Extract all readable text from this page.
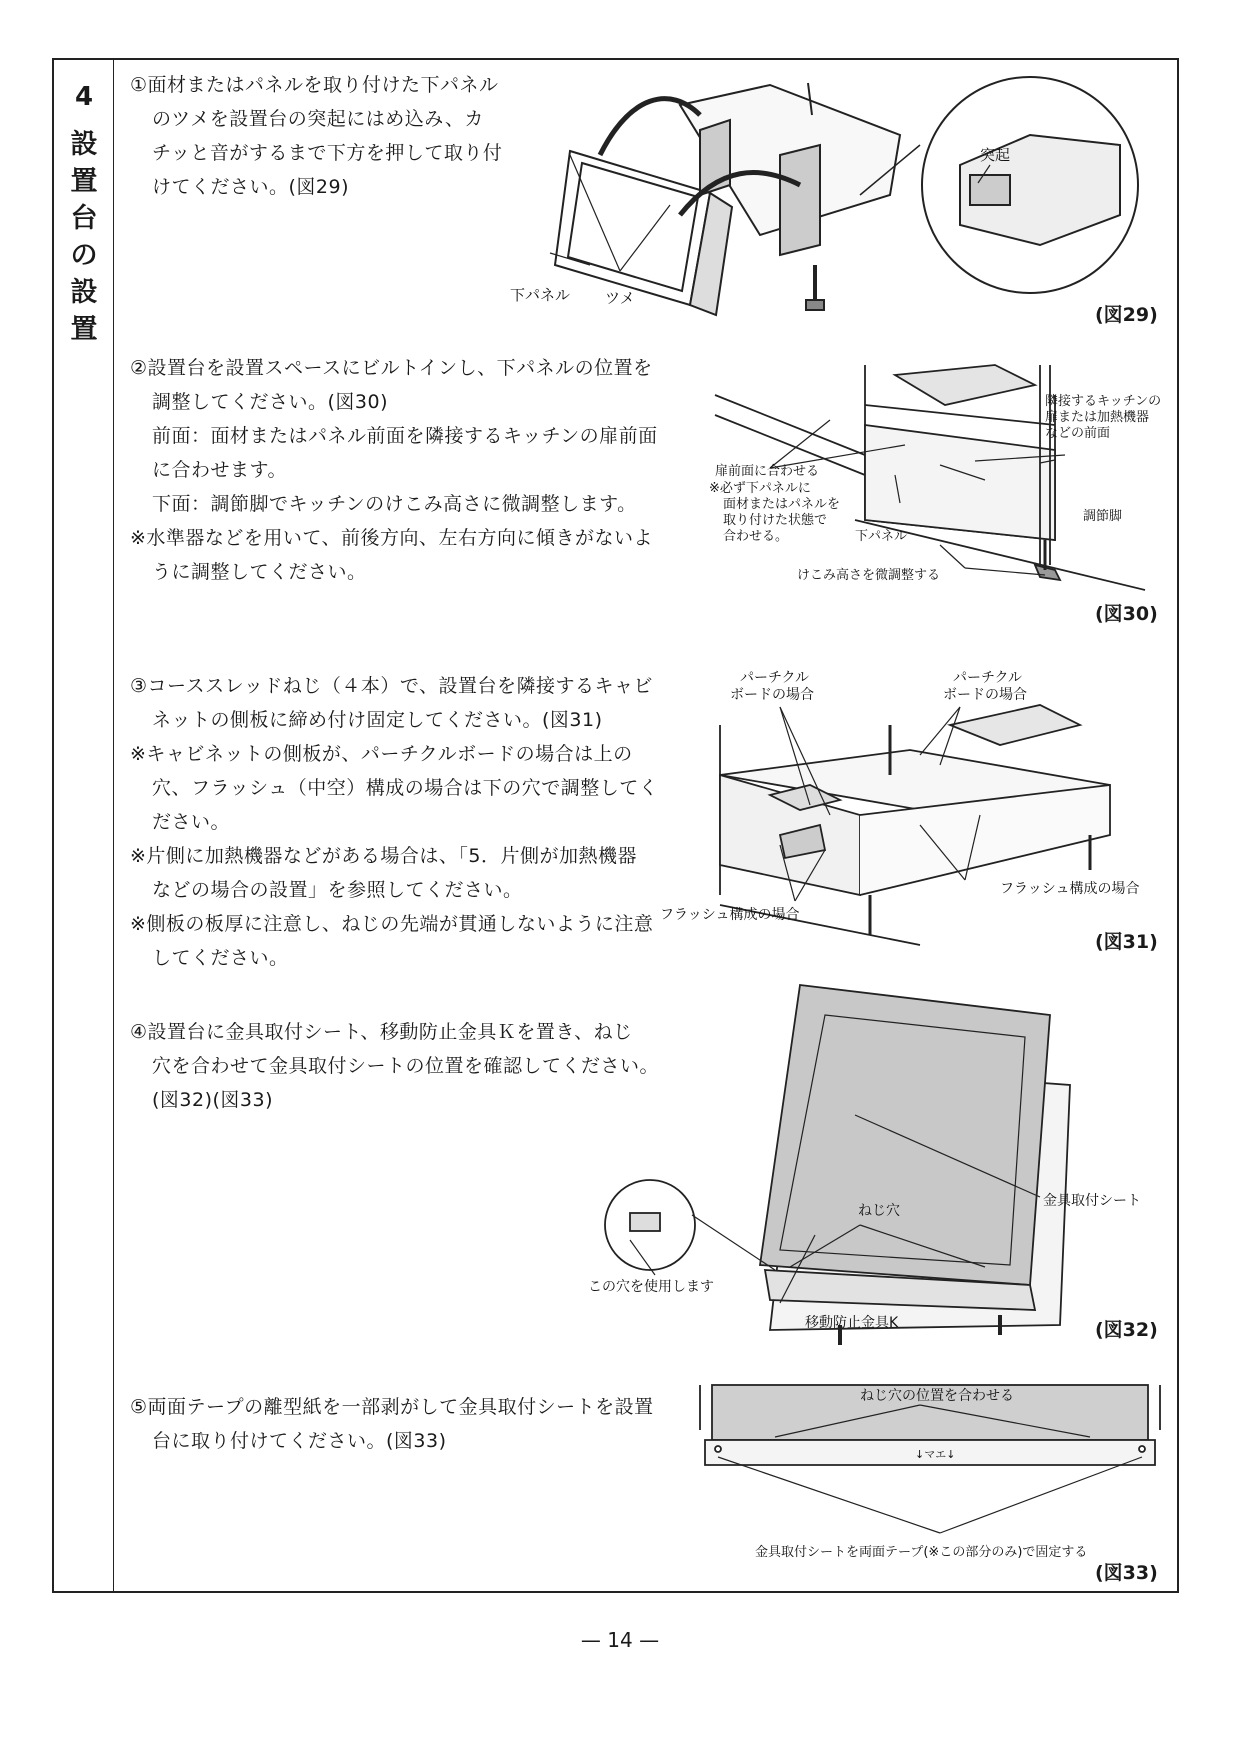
4
設
置
台
の
設
置

①面材またはパネルを取り付けた下パネル

のツメを設置台の突起にはめ込み、カ

チッと音がするまで下方を押して取り付

けてください。(図29)

突起
下パネル ツメ
(図29)

②設置台を設置スペースにビルトインし、下パネルの位置を

調整してください。(図30)

前面：面材またはパネル前面を隣接するキッチンの扉前面

に合わせます。

下面：調節脚でキッチンのけこみ高さに微調整します。

※水準器などを用いて、前後方向、左右方向に傾きがないよ

うに調整してください。

扉前面に合わせる
※必ず下パネルに
面材またはパネルを
取り付けた状態で
合わせる。	下パネル
隣接するキッチンの
扉または加熱機器
などの前面
調節脚
けこみ高さを微調整する
(図30)

③コーススレッドねじ（４本）で、設置台を隣接するキャビ

ネットの側板に締め付け固定してください。(図31)

※キャビネットの側板が、パーチクルボードの場合は上の

穴、フラッシュ（中空）構成の場合は下の穴で調整してく

ださい。

※片側に加熱機器などがある場合は、「5．片側が加熱機器

などの場合の設置」を参照してください。

※側板の板厚に注意し、ねじの先端が貫通しないように注意

してください。

パーチクル
ボードの場合
パーチクル
ボードの場合
フラッシュ構成の場合
フラッシュ構成の場合
(図31)

④設置台に金具取付シート、移動防止金具Ｋを置き、ねじ

穴を合わせて金具取付シートの位置を確認してください。

(図32)(図33)

ねじ穴
金具取付シート
この穴を使用します
移動防止金具K	(図32)

⑤両面テープの離型紙を一部剥がして金具取付シートを設置

台に取り付けてください。(図33)

ねじ穴の位置を合わせる
↓マエ↓
金具取付シートを両面テープ(※この部分のみ)で固定する
(図33)
— 14 —
